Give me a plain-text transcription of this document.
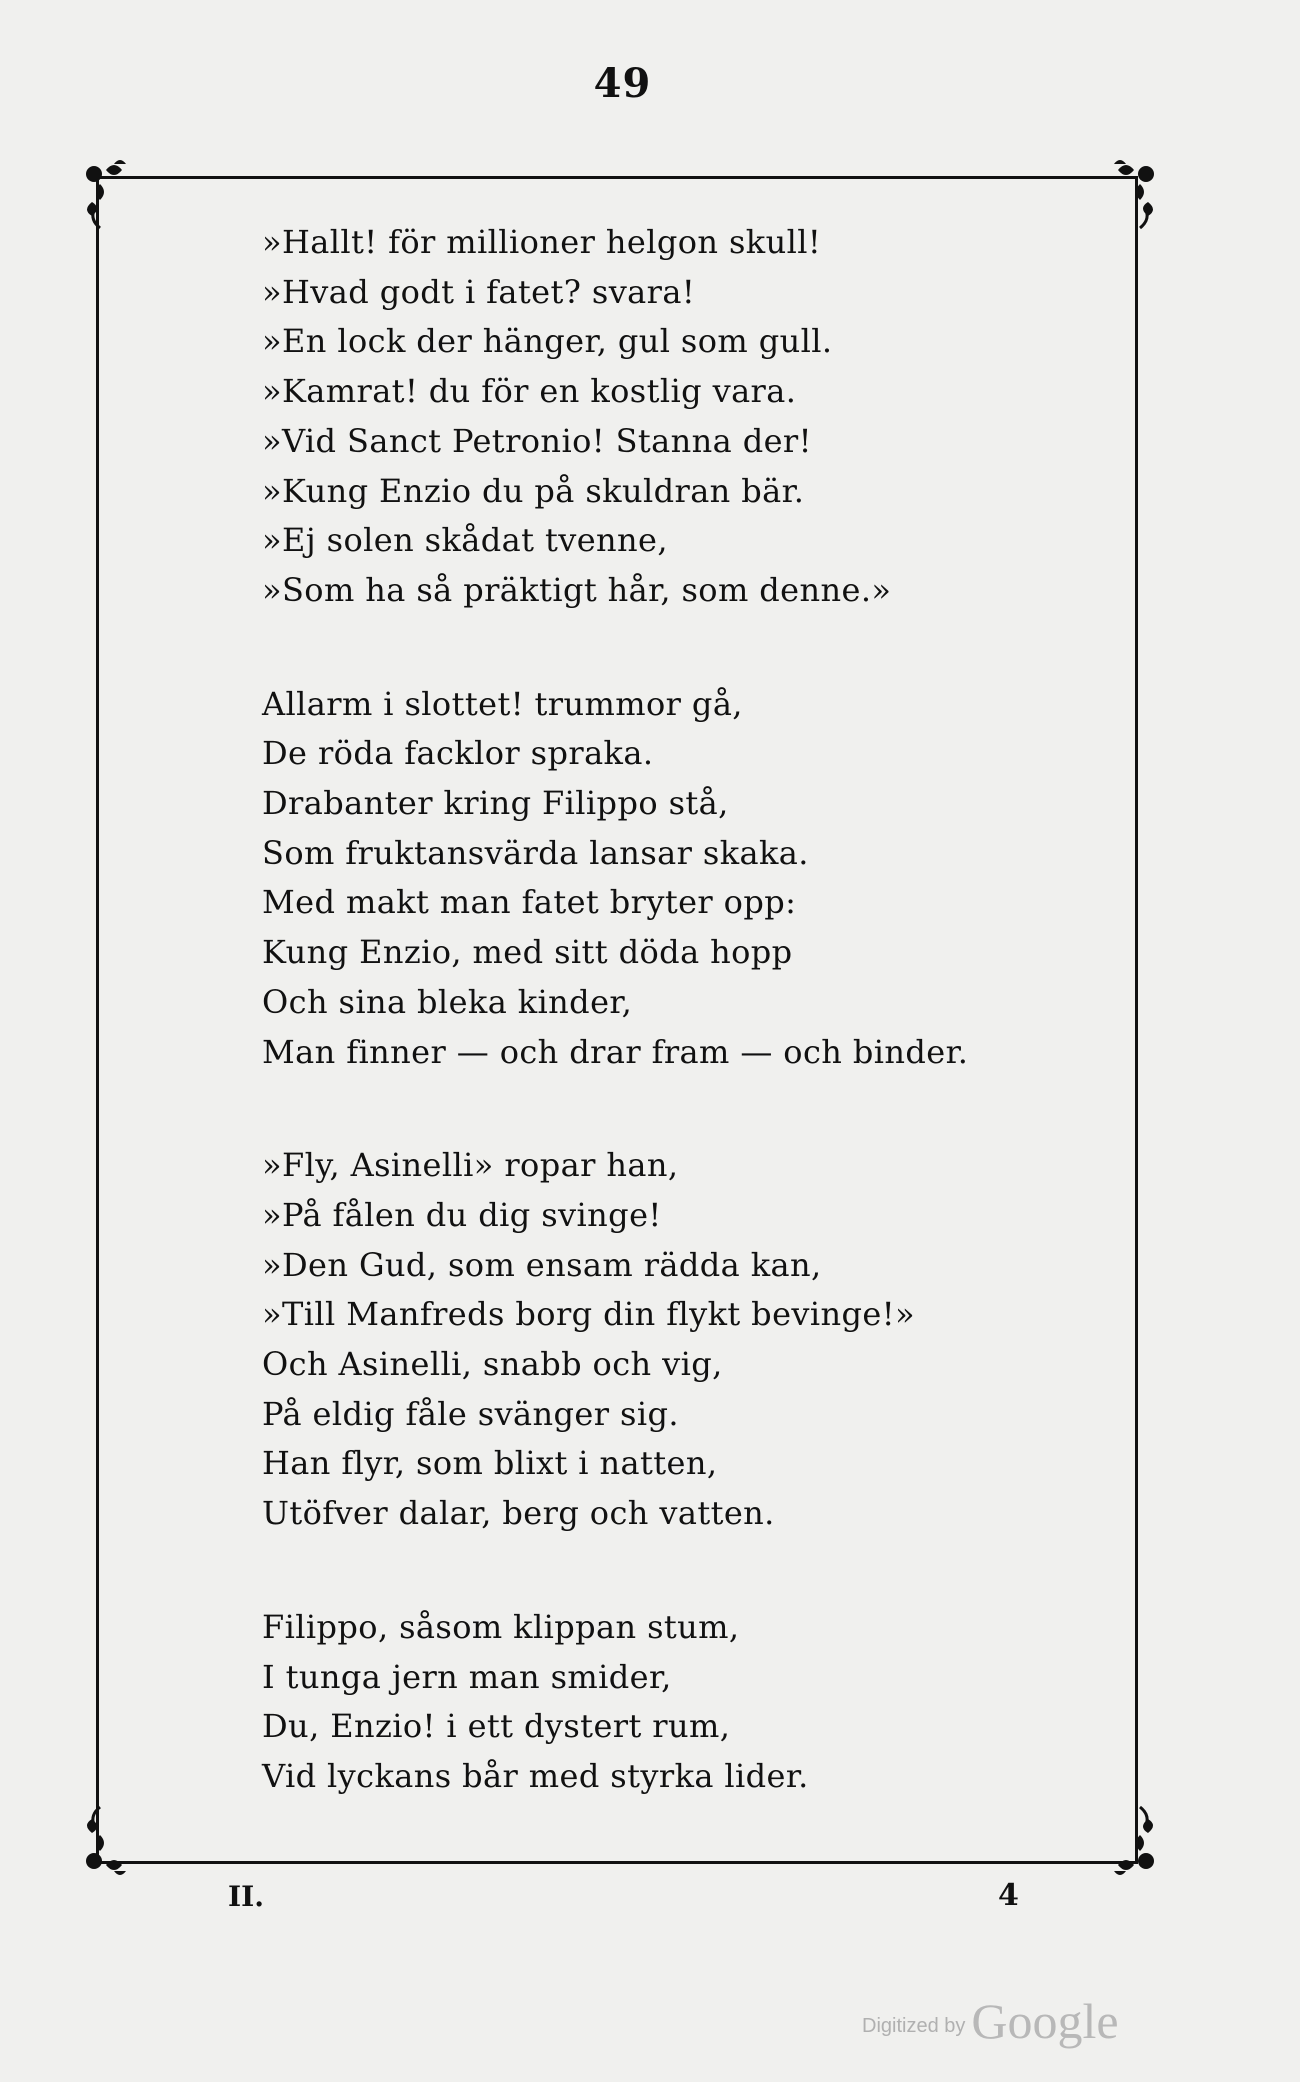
49
»Hallt! för millioner helgon skull!
»Hvad godt i fatet? svara!
»En lock der hänger, gul som gull.
»Kamrat! du för en kostlig vara.
»Vid Sanct Petronio! Stanna der!
»Kung Enzio du på skuldran bär.
»Ej solen skådat tvenne,
»Som ha så präktigt hår, som denne.»
Allarm i slottet! trummor gå,
De röda facklor spraka.
Drabanter kring Filippo stå,
Som fruktansvärda lansar skaka.
Med makt man fatet bryter opp:
Kung Enzio, med sitt döda hopp
Och sina bleka kinder,
Man finner — och drar fram — och binder.
»Fly, Asinelli» ropar han,
»På fålen du dig svinge!
»Den Gud, som ensam rädda kan,
»Till Manfreds borg din flykt bevinge!»
Och Asinelli, snabb och vig,
På eldig fåle svänger sig.
Han flyr, som blixt i natten,
Utöfver dalar, berg och vatten.
Filippo, såsom klippan stum,
I tunga jern man smider,
Du, Enzio! i ett dystert rum,
Vid lyckans bår med styrka lider.
II.	4
Digitized by Google
